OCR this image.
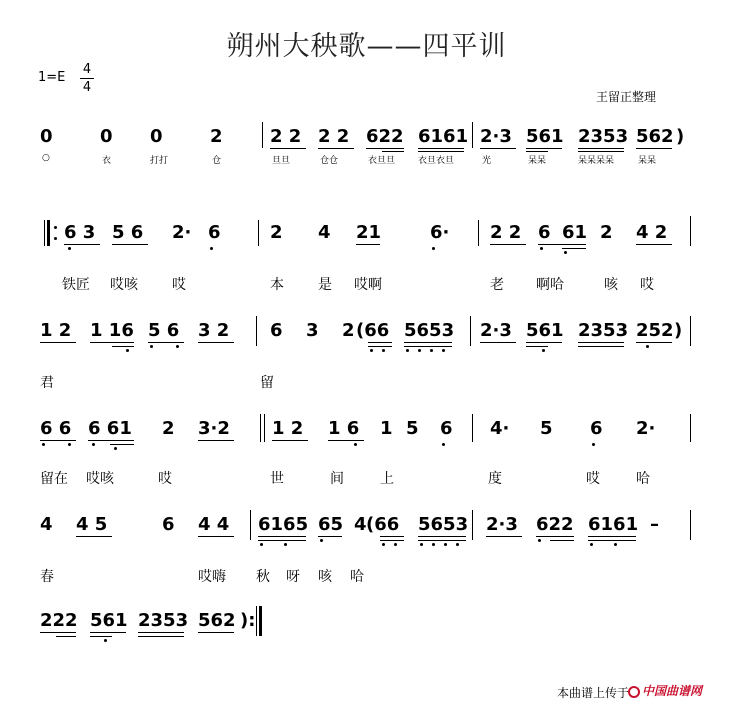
朔州大秧歌——四平训
1=E
4
4
王留正整理
0	0 0	2	2 2 2 2 622 6161 2·3 561 2353 562 )
○	衣	打打	仓	旦旦	仓仓	衣旦旦	衣旦衣旦	光	呆呆	呆呆呆呆	呆呆
6 3 5 6 2· 6	2 4 21	6· 2 2 6 61 2 4 2
铁匠 哎咳 哎	本 是 哎啊	老 啊哈	咳 哎
1 2 1 16 5 6 3 2 6 3 2 (66 5653 2·3 561 2353 252 )
君	留
6 6 6 61 2 3·2 1 2 1 6 1 5 6 4· 5 6 2·
留在 哎咳	哎	世	间	上	度	哎	哈
4 4 5	6 4 4 6165 65 4 (66 5653 2·3 622 6161 –
春	哎嗨 秋 呀 咳 哈
222 561 2353 562 ):
本曲谱上传于	中国曲谱网
